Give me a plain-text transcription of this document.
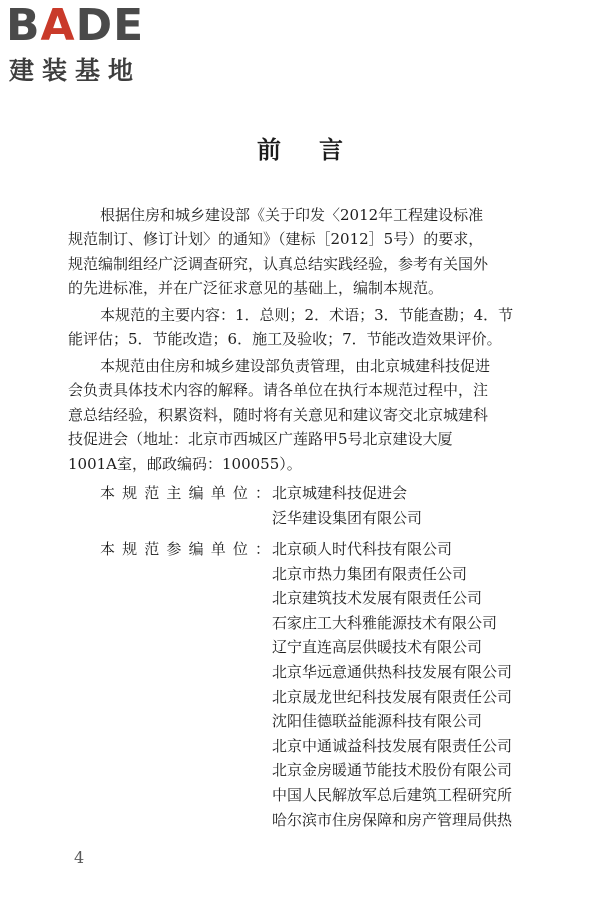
BADE
建装基地
前言
根据住房和城乡建设部《关于印发〈2012年工程建设标准
规范制订、修订计划〉的通知》（建标［2012］5号）的要求，
规范编制组经广泛调查研究，认真总结实践经验，参考有关国外
的先进标准，并在广泛征求意见的基础上，编制本规范。
本规范的主要内容：1．总则；2．术语；3．节能查勘；4．节
能评估；5．节能改造；6．施工及验收；7．节能改造效果评价。
本规范由住房和城乡建设部负责管理，由北京城建科技促进
会负责具体技术内容的解释。请各单位在执行本规范过程中，注
意总结经验，积累资料，随时将有关意见和建议寄交北京城建科
技促进会（地址：北京市西城区广莲路甲5号北京建设大厦
1001A室，邮政编码：100055）。
本 规 范 主 编 单 位 ： 北京城建科技促进会
泛华建设集团有限公司
本 规 范 参 编 单 位 ： 北京硕人时代科技有限公司
北京市热力集团有限责任公司
北京建筑技术发展有限责任公司
石家庄工大科雅能源技术有限公司
辽宁直连高层供暖技术有限公司
北京华远意通供热科技发展有限公司
北京晟龙世纪科技发展有限责任公司
沈阳佳德联益能源科技有限公司
北京中通诚益科技发展有限责任公司
北京金房暖通节能技术股份有限公司
中国人民解放军总后建筑工程研究所
哈尔滨市住房保障和房产管理局供热
4
